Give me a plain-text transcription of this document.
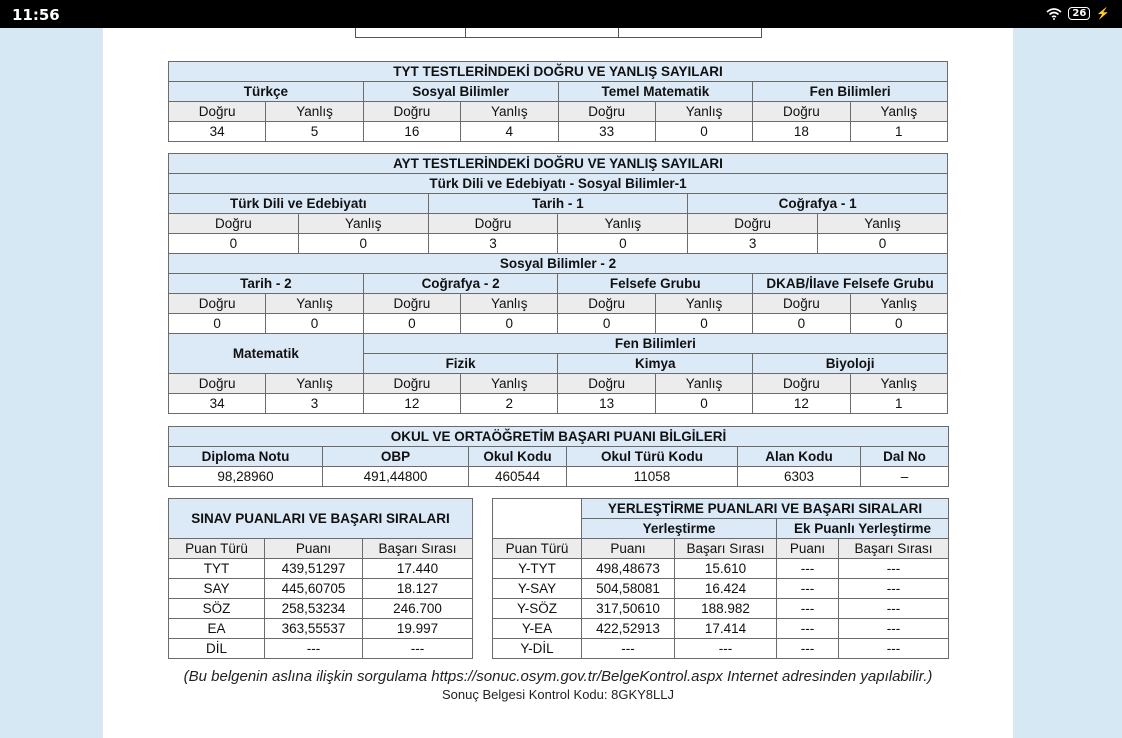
11:56	26 ⚡
TYT TESTLERİNDEKİ DOĞRU VE YANLIŞ SAYILARI							
Türkçe		Sosyal Bilimler		Temel Matematik		Fen Bilimleri	
Doğru	Yanlış	Doğru	Yanlış	Doğru	Yanlış	Doğru	Yanlış
34	5	16	4	33	0	18	1
AYT TESTLERİNDEKİ DOĞRU VE YANLIŞ SAYILARI											
Türk Dili ve Edebiyatı - Sosyal Bilimler-1											
Türk Dili ve Edebiyatı				Tarih - 1				Coğrafya - 1			
Doğru		Yanlış		Doğru		Yanlış		Doğru		Yanlış	
0		0		3		0		3		0	
Sosyal Bilimler - 2											
Tarih - 2			Coğrafya - 2			Felsefe Grubu			DKAB/İlave Felsefe Grubu		
Doğru	Yanlış		Doğru		Yanlış	Doğru	Yanlış		Doğru		Yanlış
0	0		0		0	0	0		0		0
Matematik			Fen Bilimleri								
			Fizik			Kimya			Biyoloji		
Doğru	Yanlış		Doğru		Yanlış	Doğru	Yanlış		Doğru		Yanlış
34	3		12		2	13	0		12		1
OKUL VE ORTAÖĞRETİM BAŞARI PUANI BİLGİLERİ					
Diploma Notu	OBP	Okul Kodu	Okul Türü Kodu	Alan Kodu	Dal No
98,28960	491,44800	460544	11058	6303	–
SINAV PUANLARI VE BAŞARI SIRALARI		
Puan Türü	Puanı	Başarı Sırası
TYT	439,51297	17.440
SAY	445,60705	18.127
SÖZ	258,53234	246.700
EA	363,55537	19.997
DİL	---	---
	YERLEŞTİRME PUANLARI VE BAŞARI SIRALARI			
	Yerleştirme		Ek Puanlı Yerleştirme	
Puan Türü	Puanı	Başarı Sırası	Puanı	Başarı Sırası
Y-TYT	498,48673	15.610	---	---
Y-SAY	504,58081	16.424	---	---
Y-SÖZ	317,50610	188.982	---	---
Y-EA	422,52913	17.414	---	---
Y-DİL	---	---	---	---
(Bu belgenin aslına ilişkin sorgulama https://sonuc.osym.gov.tr/BelgeKontrol.aspx Internet adresinden yapılabilir.)
Sonuç Belgesi Kontrol Kodu: 8GKY8LLJ
